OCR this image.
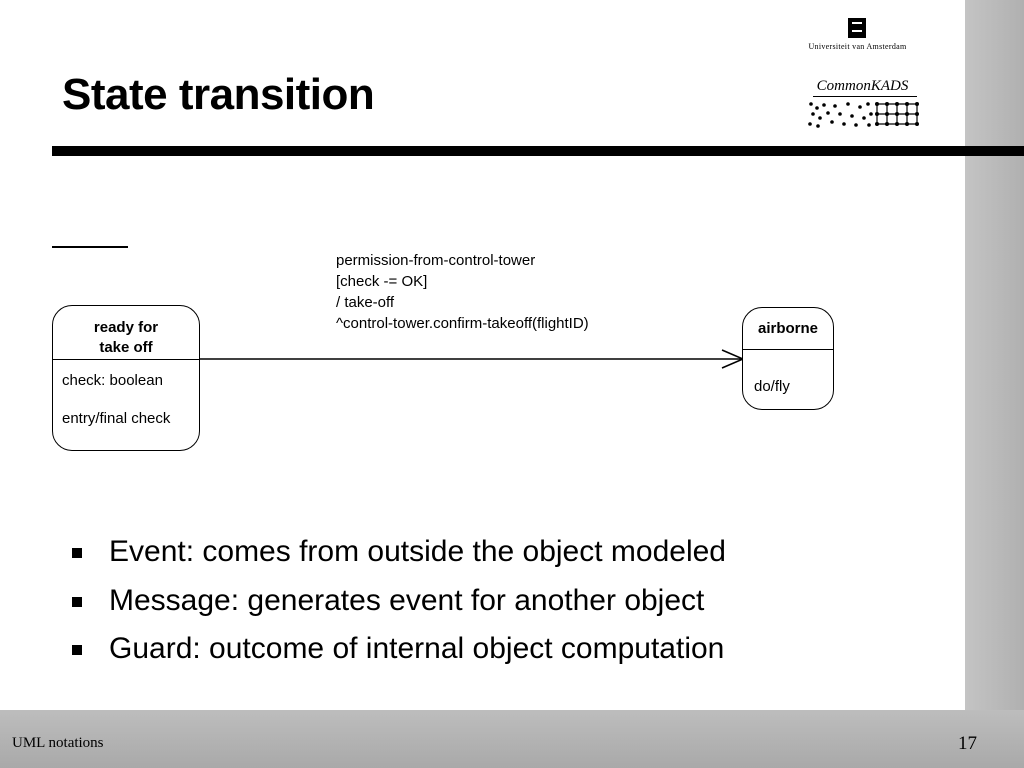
State transition
Universiteit van Amsterdam
CommonKADS
ready for
take off
check: boolean
entry/final check
airborne
do/fly
permission-from-control-tower
[check -= OK]
/ take-off
^control-tower.confirm-takeoff(flightID)
Event: comes from outside the object modeled
Message: generates event for another object
Guard: outcome of internal object computation
UML notations	17
